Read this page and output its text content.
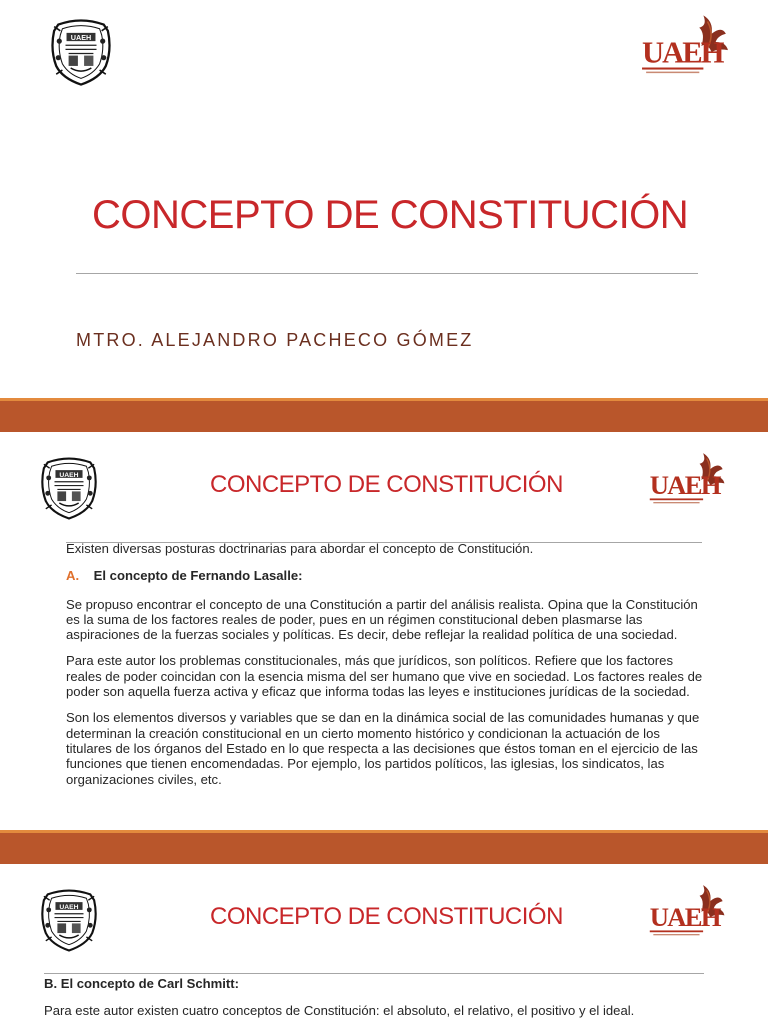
CONCEPTO DE CONSTITUCIÓN
MTRO. ALEJANDRO PACHECO GÓMEZ
CONCEPTO DE CONSTITUCIÓN

Existen diversas posturas doctrinarias para abordar el concepto de Constitución.

A. El concepto de Fernando Lasalle:

Se propuso encontrar el concepto de una Constitución a partir del análisis realista. Opina que la Constitución es la suma de los factores reales de poder, pues en un régimen constitucional deben plasmarse las aspiraciones de la fuerzas sociales y políticas. Es decir, debe reflejar la realidad política de una sociedad.

Para este autor los problemas constitucionales, más que jurídicos, son políticos. Refiere que los factores reales de poder coincidan con la esencia misma del ser humano que vive en sociedad. Los factores reales de poder son aquella fuerza activa y eficaz que informa todas las leyes e instituciones jurídicas de la sociedad.

Son los elementos diversos y variables que se dan en la dinámica social de las comunidades humanas y que determinan la creación constitucional en un cierto momento histórico y condicionan la actuación de los titulares de los órganos del Estado en lo que respecta a las decisiones que éstos toman en el ejercicio de las funciones que tienen encomendadas. Por ejemplo, los partidos políticos, las iglesias, los sindicatos, las organizaciones civiles, etc.

CONCEPTO DE CONSTITUCIÓN

B. El concepto de Carl Schmitt:

Para este autor existen cuatro conceptos de Constitución: el absoluto, el relativo, el positivo y el ideal.
